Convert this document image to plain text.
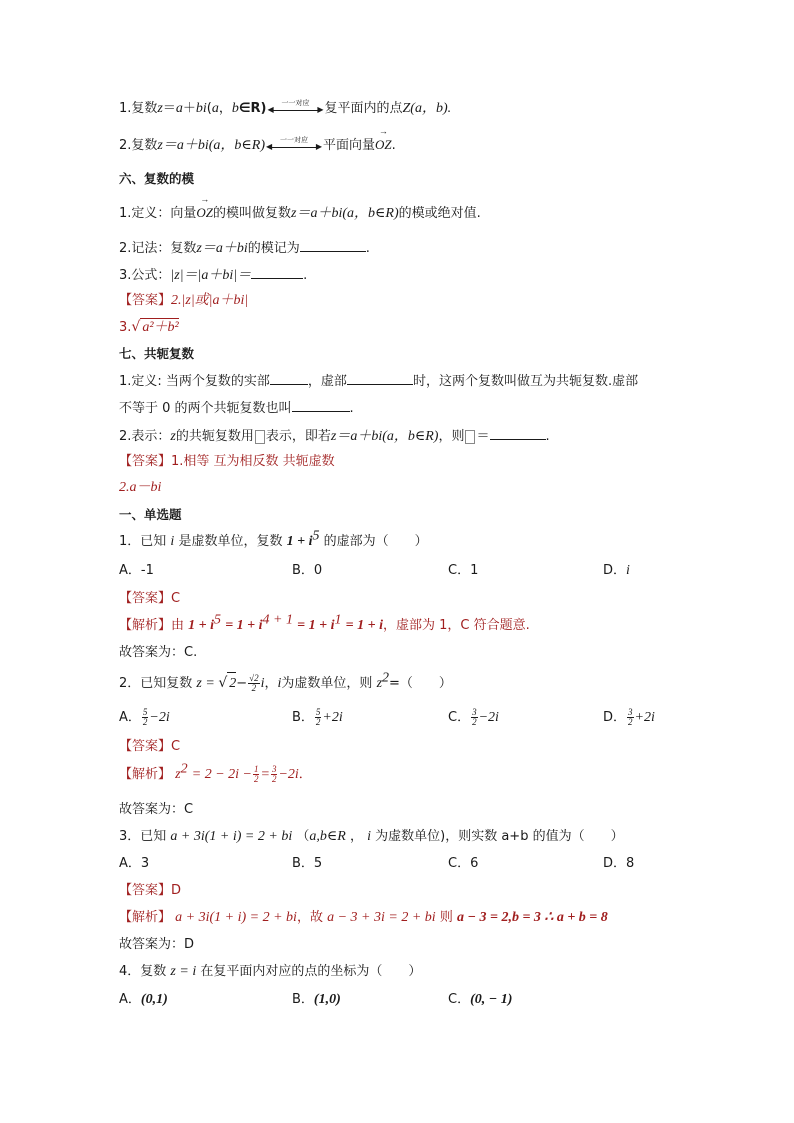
1.复数z＝a＋bi(a，b∈R)	一一对应
◀	▶ 复平面内的点Z(a，b).
2.复数z＝a＋bi(a，b∈R)	一一对应
◀	▶ 平面向量
→
OZ.
六、复数的模
1.定义：向量
→
OZ的模叫做复数z＝a＋bi(a，b∈R)的模或绝对值.
2.记法：复数z＝a＋bi的模记为	.
3.公式：|z|＝|a＋bi|＝	.
【答案】2.|z|或|a＋bi|
3.√ a²＋b²
七、共轭复数
1.定义: 当两个复数的实部	，虚部	时，这两个复数叫做互为共轭复数.虚部
不等于 0 的两个共轭复数也叫	.
2.表示：z的共轭复数用 表示，即若z＝a＋bi(a，b∈R)，则 ＝	.
【答案】1.相等 互为相反数 共轭虚数
2.a－bi
一、单选题
1．已知 i 是虚数单位，复数 $1 + i^5$ 的虚部为（　　）
A．-1	B．0	C．1	D．i
【答案】C
【解析】由 $1 + i^5 = 1 + i^{4 + 1} = 1 + i^1 = 1 + i$，虚部为 1，C 符合题意.
故答案为：C.
2．已知复数 z = √ $2- \frac{√2}{2}$ i，i为虚数单位，则 $z^2=$（　　）
A． $\frac{5}{2} -2i$	B． $\frac{5}{2} +2i$	C． $\frac{3}{2} -2i$	D． $\frac{3}{2} +2i$
【答案】C
【解析】 $z^2 = 2 - 2i - \frac{1}{2} = \frac{3}{2} -2i$．
故答案为：C
3．已知 a + 3i(1 + i) = 2 + bi （a,b∈R ， i 为虚数单位)，则实数 a+b 的值为（　　）
A．3	B．5	C．6	D．8
【答案】D
【解析】 a + 3i(1 + i) = 2 + bi，故 a − 3 + 3i = 2 + bi 则 a − 3 = 2,b = 3 ∴ a + b = 8
故答案为：D
4．复数 z = i 在复平面内对应的点的坐标为（　　）
A．(0,1)	B．(1,0)	C．(0, − 1)
